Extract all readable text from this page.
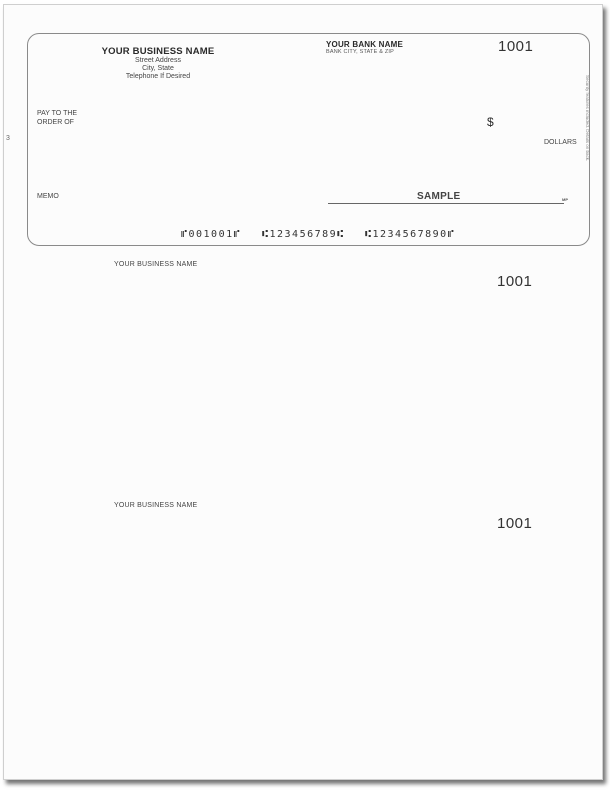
3
YOUR BUSINESS NAME
Street Address
City, State
Telephone If Desired
YOUR BANK NAME
BANK CITY, STATE & ZIP	1001
PAY TO THE
ORDER OF	$
DOLLARS
MEMO	SAMPLE	MP
⑈001001⑈ ⑆123456789⑆ ⑆1234567890⑈
Security features included. Details on back.
YOUR BUSINESS NAME
1001
YOUR BUSINESS NAME
1001
